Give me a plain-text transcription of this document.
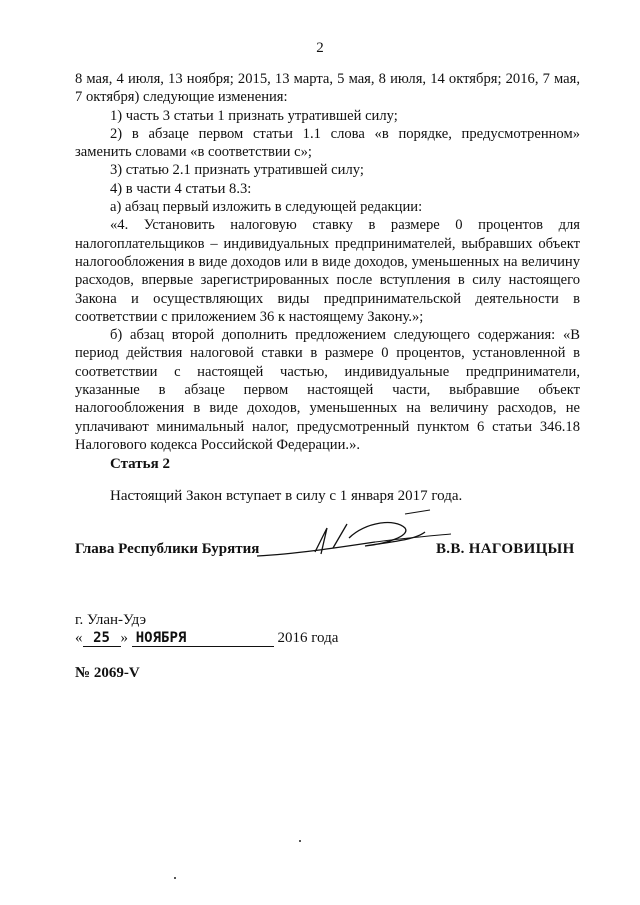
2

8 мая, 4 июля, 13 ноября; 2015, 13 марта, 5 мая, 8 июля, 14 октября; 2016, 7 мая, 7 октября) следующие изменения:

1) часть 3 статьи 1 признать утратившей силу;

2) в абзаце первом статьи 1.1 слова «в порядке, предусмотренном» заменить словами «в соответствии с»;

3) статью 2.1 признать утратившей силу;

4) в части 4 статьи 8.3:

а) абзац первый изложить в следующей редакции:

«4. Установить налоговую ставку в размере 0 процентов для налогоплательщиков – индивидуальных предпринимателей, выбравших объект налогообложения в виде доходов или в виде доходов, уменьшенных на величину расходов, впервые зарегистрированных после вступления в силу настоящего Закона и осуществляющих виды предпринимательской деятельности в соответствии с приложением 36 к настоящему Закону.»;

б) абзац второй дополнить предложением следующего содержания: «В период действия налоговой ставки в размере 0 процентов, установленной в соответствии с настоящей частью, индивидуальные предприниматели, указанные в абзаце первом настоящей части, выбравшие объект налогообложения в виде доходов, уменьшенных на величину расходов, не уплачивают минимальный налог, предусмотренный пунктом 6 статьи 346.18 Налогового кодекса Российской Федерации.».

Статья 2
Настоящий Закон вступает в силу с 1 января 2017 года.
Глава Республики Бурятия	В.В. НАГОВИЦЫН
г. Улан-Удэ
« 25 » НОЯБРЯ	2016 года
№ 2069-V
